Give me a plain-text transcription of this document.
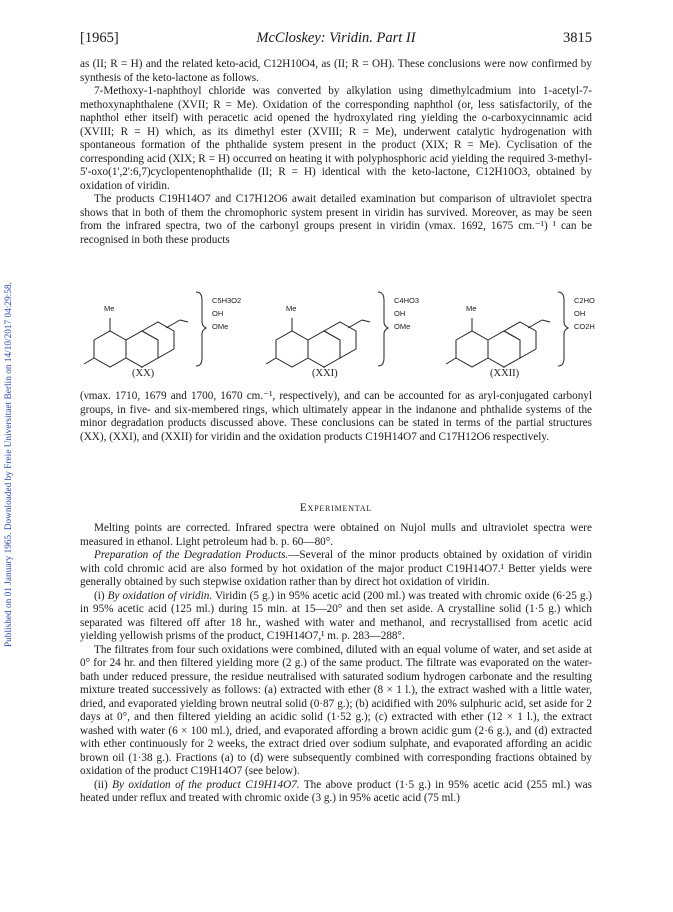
Published on 01 January 1965. Downloaded by Freie Universitaet Berlin on 14/10/2017 04:29:58.
[1965]	McCloskey: Viridin. Part II	3815

as (II; R = H) and the related keto-acid, C12H10O4, as (II; R = OH). These conclusions were now confirmed by synthesis of the keto-lactone as follows.

7-Methoxy-1-naphthoyl chloride was converted by alkylation using dimethylcadmium into 1-acetyl-7-methoxynaphthalene (XVII; R = Me). Oxidation of the corresponding naphthol (or, less satisfactorily, of the naphthol ether itself) with peracetic acid opened the hydroxylated ring yielding the o-carboxycinnamic acid (XVIII; R = H) which, as its dimethyl ester (XVIII; R = Me), underwent catalytic hydrogenation with spontaneous formation of the phthalide system present in the product (XIX; R = Me). Cyclisation of the corresponding acid (XIX; R = H) occurred on heating it with polyphosphoric acid yielding the required 3-methyl-5'-oxo(1',2':6,7)cyclopentenophthalide (II; R = H) identical with the keto-lactone, C12H10O3, obtained by oxidation of viridin.

The products C19H14O7 and C17H12O6 await detailed examination but comparison of ultraviolet spectra shows that in both of them the chromophoric system present in viridin has survived. Moreover, as may be seen from the infrared spectra, two of the carbonyl groups present in viridin (νmax. 1692, 1675 cm.⁻¹) ¹ can be recognised in both these products

Me
C5H3O2
OH
OMe
(XX)
Me
C4HO3
OH
OMe
(XXI)
Me
C2HO
OH
CO2H
(XXII)

(νmax. 1710, 1679 and 1700, 1670 cm.⁻¹, respectively), and can be accounted for as aryl-conjugated carbonyl groups, in five- and six-membered rings, which ultimately appear in the indanone and phthalide systems of the minor degradation products discussed above. These conclusions can be stated in terms of the partial structures (XX), (XXI), and (XXII) for viridin and the oxidation products C19H14O7 and C17H12O6 respectively.

Experimental

Melting points are corrected. Infrared spectra were obtained on Nujol mulls and ultraviolet spectra were measured in ethanol. Light petroleum had b. p. 60—80°.

Preparation of the Degradation Products.—Several of the minor products obtained by oxidation of viridin with cold chromic acid are also formed by hot oxidation of the major product C19H14O7.¹ Better yields were generally obtained by such stepwise oxidation rather than by direct hot oxidation of viridin.

(i) By oxidation of viridin. Viridin (5 g.) in 95% acetic acid (200 ml.) was treated with chromic oxide (6·25 g.) in 95% acetic acid (125 ml.) during 15 min. at 15—20° and then set aside. A crystalline solid (1·5 g.) which separated was filtered off after 18 hr., washed with water and methanol, and recrystallised from acetic acid yielding yellowish prisms of the product, C19H14O7,¹ m. p. 283—288°.

The filtrates from four such oxidations were combined, diluted with an equal volume of water, and set aside at 0° for 24 hr. and then filtered yielding more (2 g.) of the same product. The filtrate was evaporated on the water-bath under reduced pressure, the residue neutralised with saturated sodium hydrogen carbonate and the resulting mixture treated successively as follows: (a) extracted with ether (8 × 1 l.), the extract washed with a little water, dried, and evaporated yielding brown neutral solid (0·87 g.); (b) acidified with 20% sulphuric acid, set aside for 2 days at 0°, and then filtered yielding an acidic solid (1·52 g.); (c) extracted with ether (12 × 1 l.), the extract washed with water (6 × 100 ml.), dried, and evaporated affording a brown acidic gum (2·6 g.), and (d) extracted with ether continuously for 2 weeks, the extract dried over sodium sulphate, and evaporated affording an acidic brown oil (1·38 g.). Fractions (a) to (d) were subsequently combined with corresponding fractions obtained by oxidation of the product C19H14O7 (see below).

(ii) By oxidation of the product C19H14O7. The above product (1·5 g.) in 95% acetic acid (255 ml.) was heated under reflux and treated with chromic oxide (3 g.) in 95% acetic acid (75 ml.)
